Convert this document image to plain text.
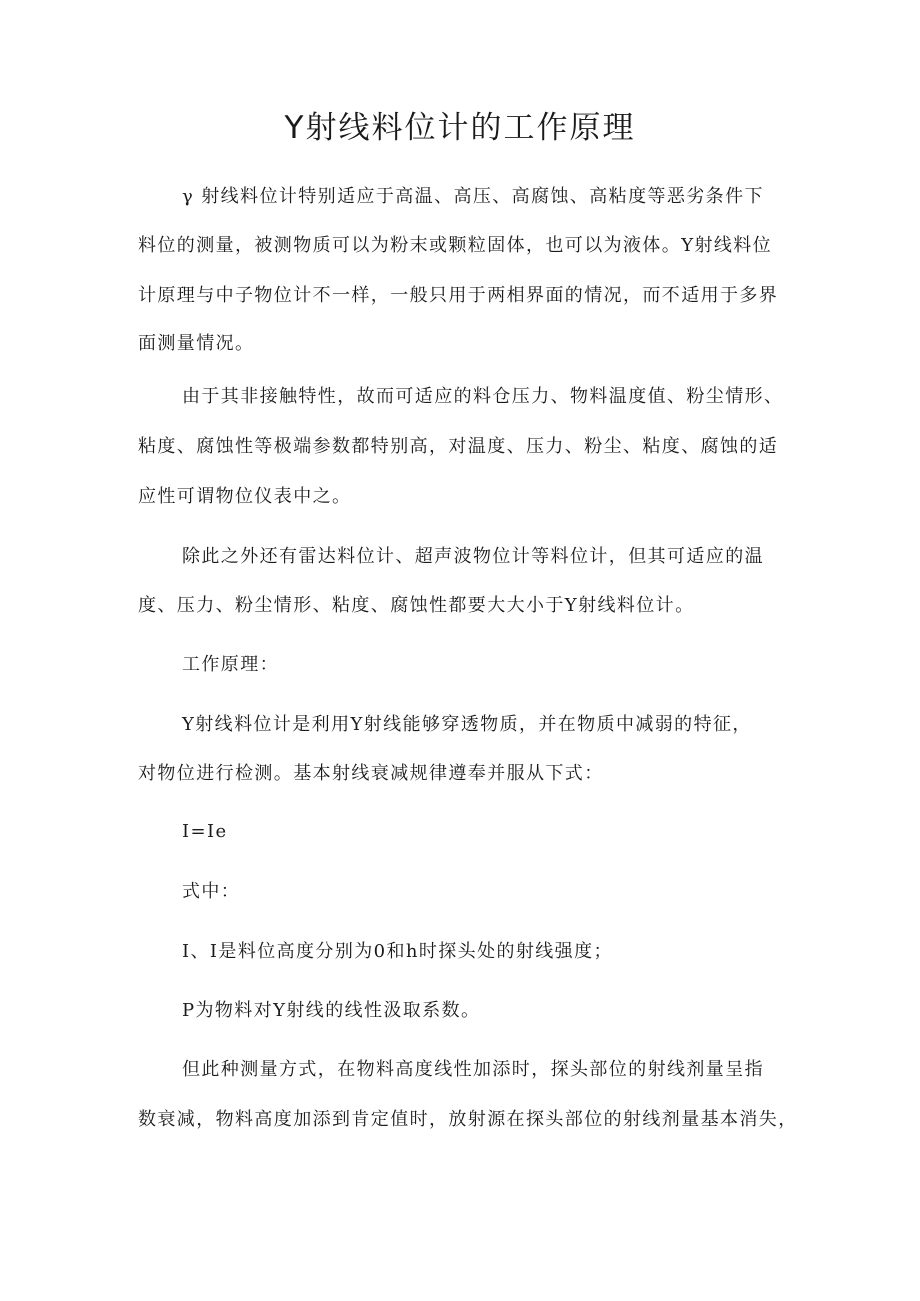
Y射线料位计的工作原理

γ 射线料位计特别适应于高温、高压、高腐蚀、高粘度等恶劣条件下

料位的测量，被测物质可以为粉末或颗粒固体，也可以为液体。Y射线料位

计原理与中子物位计不一样，一般只用于两相界面的情况，而不适用于多界

面测量情况。

由于其非接触特性，故而可适应的料仓压力、物料温度值、粉尘情形、

粘度、腐蚀性等极端参数都特别高，对温度、压力、粉尘、粘度、腐蚀的适

应性可谓物位仪表中之。

除此之外还有雷达料位计、超声波物位计等料位计，但其可适应的温

度、压力、粉尘情形、粘度、腐蚀性都要大大小于Y射线料位计。

工作原理：

Y射线料位计是利用Y射线能够穿透物质，并在物质中减弱的特征，

对物位进行检测。基本射线衰减规律遵奉并服从下式：

I=Ie

式中：

I、I是料位高度分别为0和h时探头处的射线强度；

P为物料对Y射线的线性汲取系数。

但此种测量方式，在物料高度线性加添时，探头部位的射线剂量呈指

数衰减，物料高度加添到肯定值时，放射源在探头部位的射线剂量基本消失，
